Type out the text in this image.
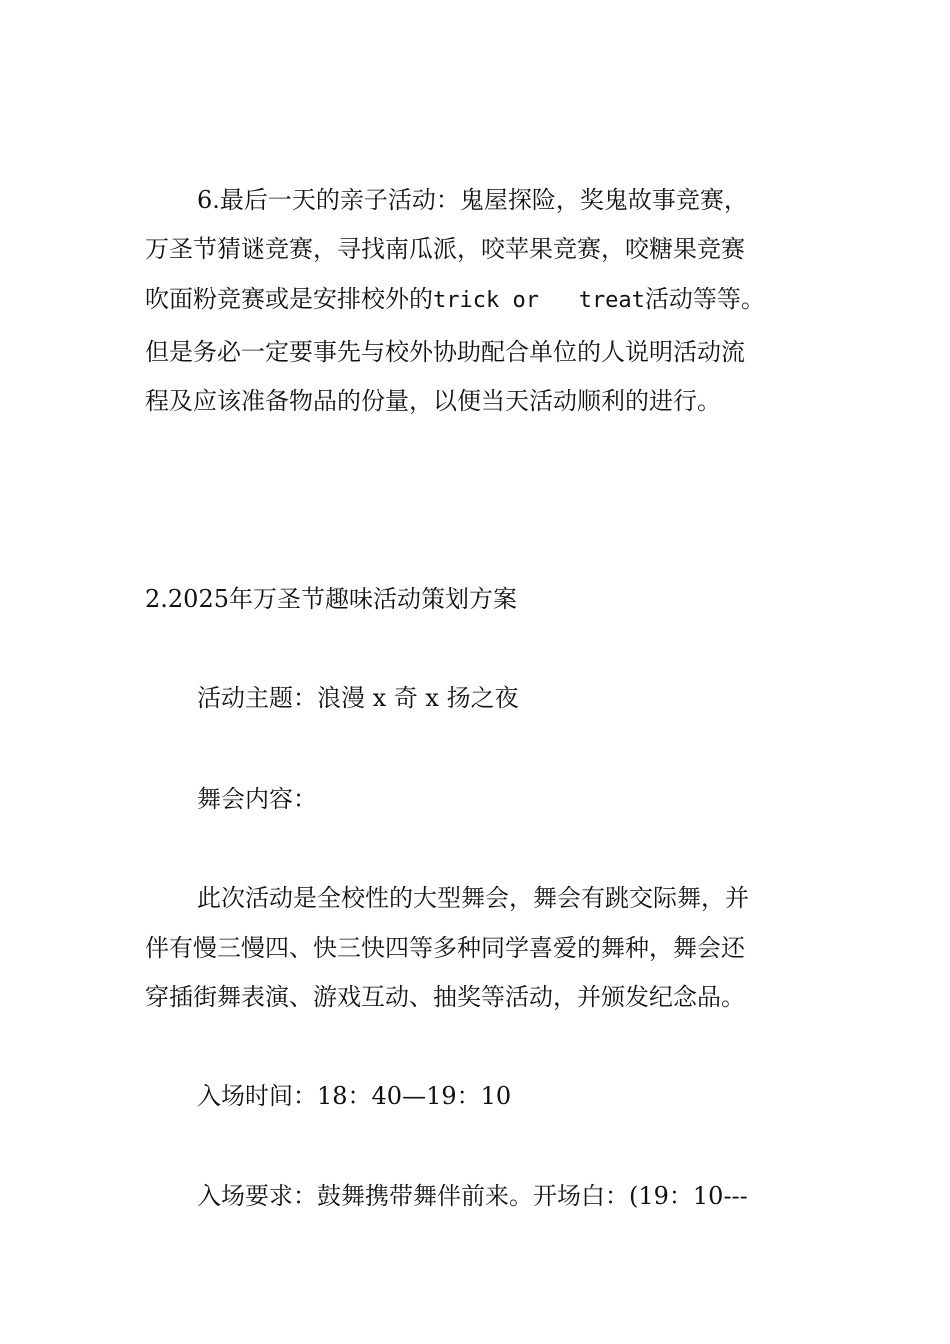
6.最后一天的亲子活动：鬼屋探险，奖鬼故事竞赛，
万圣节猜谜竞赛，寻找南瓜派，咬苹果竞赛，咬糖果竞赛
吹面粉竞赛或是安排校外的trick or   treat活动等等。
但是务必一定要事先与校外协助配合单位的人说明活动流
程及应该准备物品的份量，以便当天活动顺利的进行。
2.2025年万圣节趣味活动策划方案
活动主题：浪漫 x 奇 x 扬之夜
舞会内容：
此次活动是全校性的大型舞会，舞会有跳交际舞，并
伴有慢三慢四、快三快四等多种同学喜爱的舞种，舞会还
穿插街舞表演、游戏互动、抽奖等活动，并颁发纪念品。
入场时间：18：40—19：10
入场要求：鼓舞携带舞伴前来。开场白：(19：10---
